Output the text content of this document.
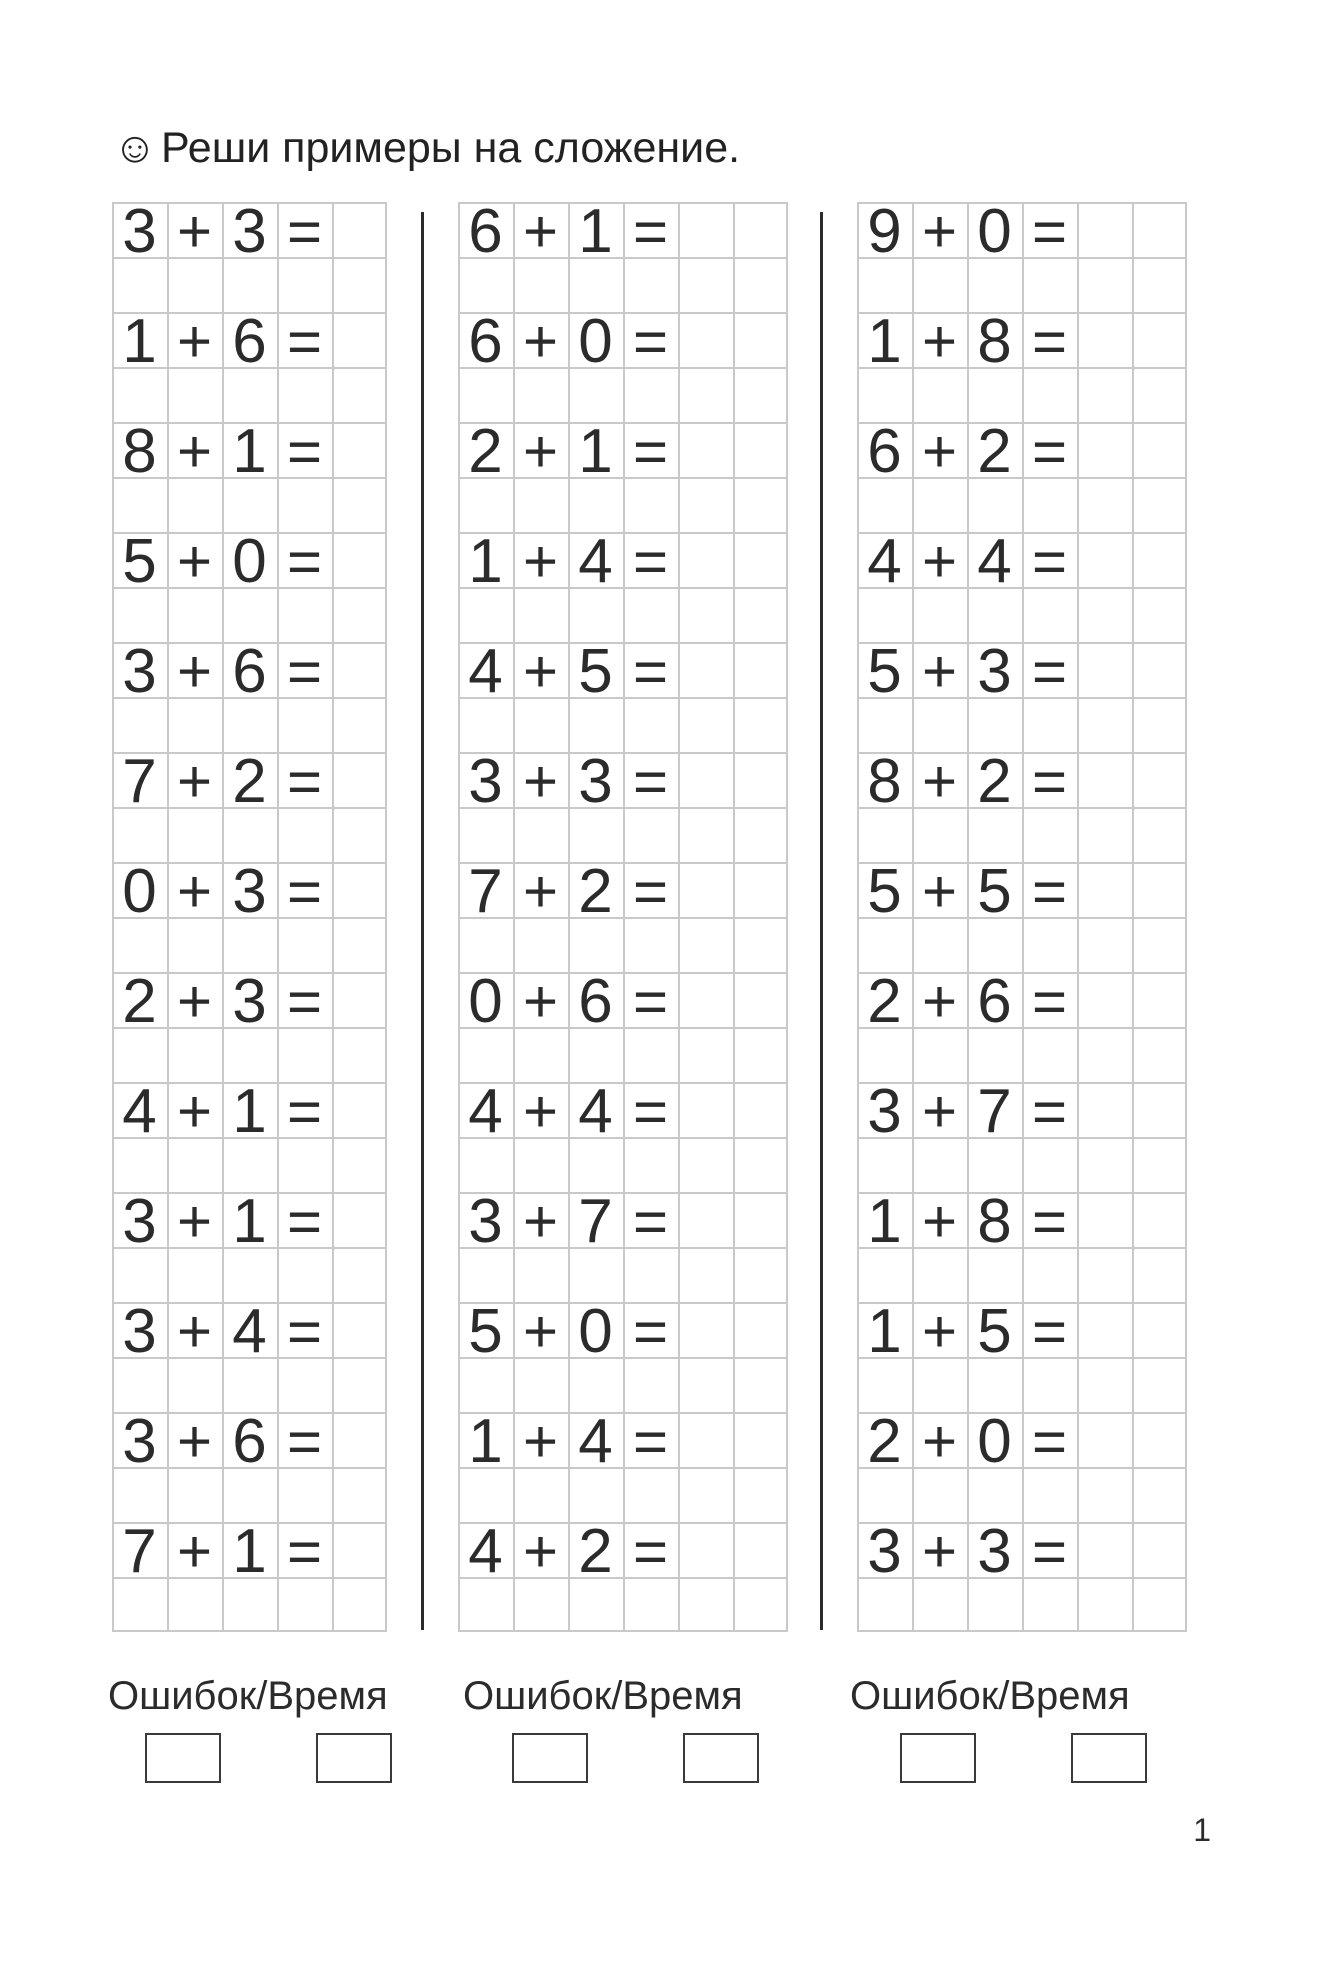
☺Реши примеры на сложение.
3 + 3 =
1 + 6 =
8 + 1 =
5 + 0 =
3 + 6 =
7 + 2 =
0 + 3 =
2 + 3 =
4 + 1 =
3 + 1 =
3 + 4 =
3 + 6 =
7 + 1 =
6 + 1 =
6 + 0 =
2 + 1 =
1 + 4 =
4 + 5 =
3 + 3 =
7 + 2 =
0 + 6 =
4 + 4 =
3 + 7 =
5 + 0 =
1 + 4 =
4 + 2 =
9 + 0 =
1 + 8 =
6 + 2 =
4 + 4 =
5 + 3 =
8 + 2 =
5 + 5 =
2 + 6 =
3 + 7 =
1 + 8 =
1 + 5 =
2 + 0 =
3 + 3 =
Ошибок/Время Ошибок/Время	Ошибок/Время
1
